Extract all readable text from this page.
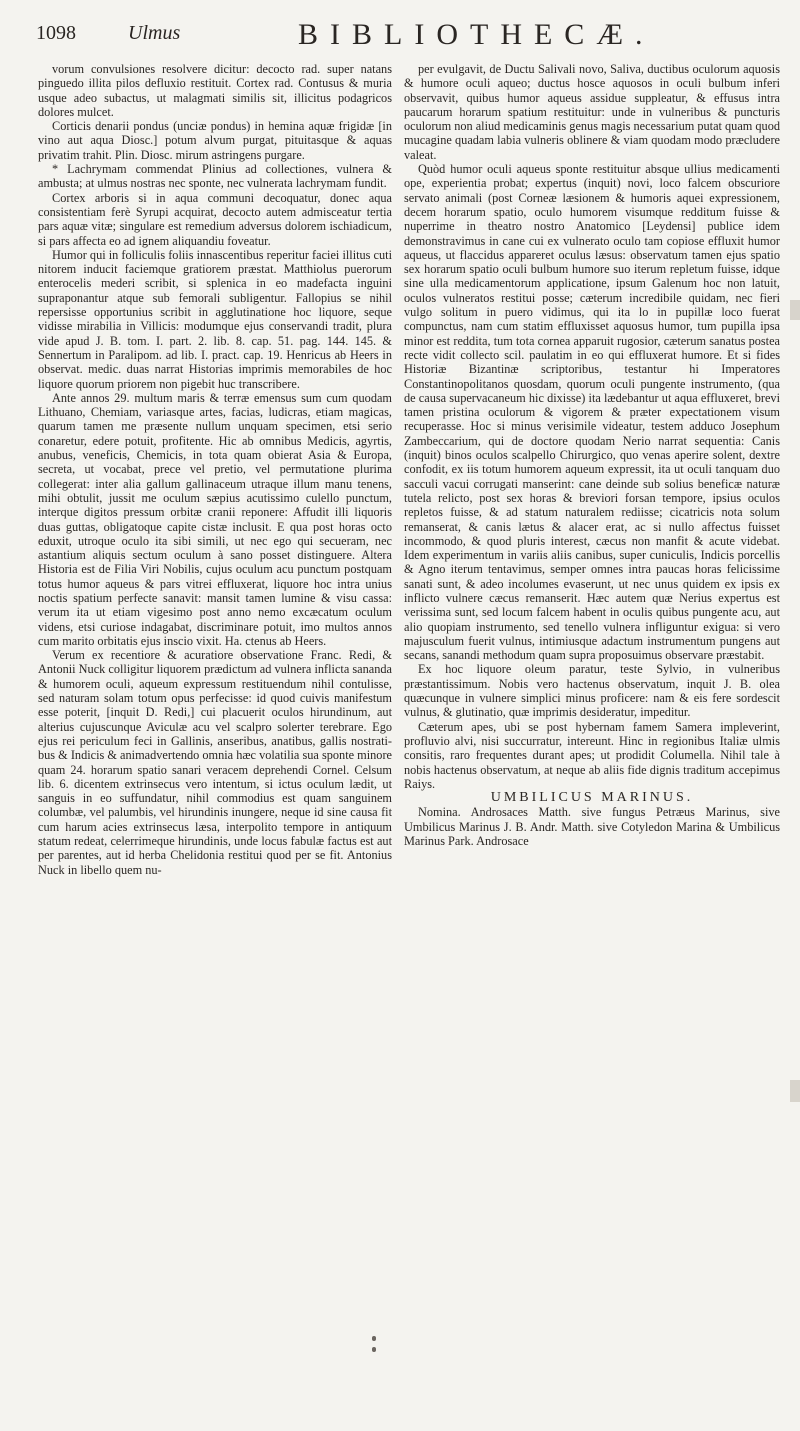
1098	Ulmus	BIBLIOTHECÆ.

vorum convulsiones resolvere dicitur: decocto rad. super natans pinguedo illita pilos defluxio restituit. Cortex rad. Contusus & muria usque adeo subactus, ut malagmati similis sit, illicitus podagricos dolores mulcet.

Corticis denarii pondus (unciæ pondus) in hemina aquæ frigidæ [in vino aut aqua Diosc.] potum alvum purgat, pituitasque & aquas privatim trahit. Plin. Diosc. mirum astringens purgare.

* Lachrymam commendat Plinius ad collectiones, vulnera & ambusta; at ulmus nostras nec sponte, nec vulnerata lachrymam fundit.

Cortex arboris si in aqua communi decoquatur, donec aqua consistentiam ferè Syrupi acquirat, decocto autem admisceatur tertia pars aquæ vitæ; singulare est remedium adversus dolorem ischiadicum, si pars affecta eo ad ignem aliquandiu foveatur.

Humor qui in folliculis foliis innascentibus reperitur faciei illitus cuti nitorem inducit faciemque gratiorem præstat. Matthiolus puerorum enterocelis mederi scribit, si splenica in eo madefacta inguini supraponantur atque sub femorali subligentur. Fallopius se nihil repersisse opportunius scribit in agglutinatione hoc liquore, seque vidisse mirabilia in Villicis: modumque ejus conservandi tradit, plura vide apud J. B. tom. I. part. 2. lib. 8. cap. 51. pag. 144. 145. & Sennertum in Paralipom. ad lib. I. pract. cap. 19. Henricus ab Heers in observat. medic. duas narrat Historias imprimis memorabiles de hoc liquore quorum priorem non pigebit huc transcribere.

Ante annos 29. multum maris & terræ emensus sum cum quodam Lithuano, Chemiam, variasque artes, facias, ludicras, etiam magicas, quarum tamen me præsente nullum unquam specimen, etsi serio conaretur, edere potuit, profitente. Hic ab omnibus Medicis, agyrtis, anubus, veneficis, Chemicis, in tota quam obierat Asia & Europa, secreta, ut vocabat, prece vel pretio, vel permutatione plurima collegerat: inter alia gallum gallinaceum utraque illum manu tenens, mihi obtulit, jussit me oculum sæpius acutissimo culello punctum, interque digitos pressum orbitæ cranii reponere: Affudit illi liquoris duas guttas, obligatoque capite cistæ inclusit. E qua post horas octo eduxit, utroque oculo ita sibi simili, ut nec ego qui secueram, nec astantium aliquis sectum oculum à sano posset distinguere. Altera Historia est de Filia Viri Nobilis, cujus oculum acu punctum postquam totus humor aqueus & pars vitrei effluxerat, liquore hoc intra unius noctis spatium perfecte sanavit: mansit tamen lumine & visu cassa: verum ita ut etiam vigesimo post anno nemo excæcatum oculum videns, etsi curiose indagabat, discriminare potuit, imo multos annos cum marito orbitatis ejus inscio vixit. Ha. ctenus ab Heers.

Verum ex recentiore & acuratiore observatione Franc. Redi, & Antonii Nuck colligitur liquorem prædictum ad vulnera inflicta sananda & humorem oculi, aqueum expressum restituendum nihil contulisse, sed naturam solam totum opus perfecisse: id quod cuivis manifestum esse poterit, [inquit D. Redi,] cui placuerit oculos hirundinum, aut alterius cujuscunque Aviculæ acu vel scalpro solerter terebrare. Ego ejus rei periculum feci in Gallinis, anseribus, anatibus, gallis nostrati-bus & Indicis & animadvertendo omnia hæc volatilia sua sponte minore quam 24. horarum spatio sanari veracem deprehendi Cornel. Celsum lib. 6. dicentem extrinsecus vero intentum, si ictus oculum lædit, ut sanguis in eo suffundatur, nihil commodius est quam sanguinem columbæ, vel palumbis, vel hirundinis inungere, neque id sine causa fit cum harum acies extrinsecus læsa, interpolito tempore in antiquum statum redeat, celerrimeque hirundinis, unde locus fabulæ factus est aut per parentes, aut id herba Chelidonia restitui quod per se fit. Antonius Nuck in libello quem nu-

per evulgavit, de Ductu Salivali novo, Saliva, ductibus oculorum aquosis & humore oculi aqueo; ductus hosce aquosos in oculi bulbum inferi observavit, quibus humor aqueus assidue suppleatur, & effusus intra paucarum horarum spatium restituitur: unde in vulneribus & puncturis oculorum non aliud medicaminis genus magis necessarium putat quam quod mucagine quadam labia vulneris oblinere & viam quodam modo præcludere valeat.

Quòd humor oculi aqueus sponte restituitur absque ullius medicamenti ope, experientia probat; expertus (inquit) novi, loco falcem obscuriore servato animali (post Corneæ læsionem & humoris aquei expressionem, decem horarum spatio, oculo humorem visumque redditum fuisse & nuperrime in theatro nostro Anatomico [Leydensi] publice idem demonstravimus in cane cui ex vulnerato oculo tam copiose effluxit humor aqueus, ut flaccidus appareret oculus læsus: observatum tamen ejus spatio sex horarum spatio oculi bulbum humore suo iterum repletum fuisse, idque sine ulla medicamentorum applicatione, ipsum Galenum hoc non latuit, oculos vulneratos restitui posse; cæterum incredibile quidam, nec fieri vulgo solitum in puero vidimus, qui ita lo in pupillæ loco fuerat compunctus, nam cum statim effluxisset aquosus humor, tum pupilla ipsa minor est reddita, tum tota cornea apparuit rugosior, cæterum sanatus postea recte vidit collecto scil. paulatim in eo qui effluxerat humore. Et si fides Historiæ Bizantinæ scriptoribus, testantur hi Imperatores Constantinopolitanos quosdam, quorum oculi pungente instrumento, (qua de causa supervacaneum hic dixisse) ita lædebantur ut aqua effluxeret, brevi tamen pristina oculorum & vigorem & præter expectationem visum recuperasse. Hoc si minus verisimile videatur, testem adduco Josephum Zambeccarium, qui de doctore quodam Nerio narrat sequentia: Canis (inquit) binos oculos scalpello Chirurgico, quo venas aperire solent, dextre confodit, ex iis totum humorem aqueum expressit, ita ut oculi tanquam duo sacculi vacui corrugati manserint: cane deinde sub solius beneficæ naturæ tutela relicto, post sex horas & breviori forsan tempore, ipsius oculos repletos fuisse, & ad statum naturalem rediisse; cicatricis nota solum remanserat, & canis lætus & alacer erat, ac si nullo affectus fuisset incommodo, & quod pluris interest, cæcus non manfit & acute videbat. Idem experimentum in variis aliis canibus, super cuniculis, Indicis porcellis & Agno iterum tentavimus, semper omnes intra paucas horas felicissime sanati sunt, & adeo incolumes evaserunt, ut nec unus quidem ex ipsis ex inflicto vulnere cæcus remanserit. Hæc autem quæ Nerius expertus est verissima sunt, sed locum falcem habent in oculis quibus pungente acu, aut alio quopiam instrumento, sed tenello vulnera infliguntur exigua: si vero majusculum fuerit vulnus, intimiusque adactum instrumentum pungens aut secans, sanandi methodum quam supra proposuimus observare præstabit.

Ex hoc liquore oleum paratur, teste Sylvio, in vulneribus præstantissimum. Nobis vero hactenus observatum, inquit J. B. olea quæcunque in vulnere simplici minus proficere: nam & eis fere sordescit vulnus, & glutinatio, quæ imprimis desideratur, impeditur.

Cæterum apes, ubi se post hybernam famem Samera impleverint, profluvio alvi, nisi succurratur, intereunt. Hinc in regionibus Italiæ ulmis consitis, raro frequentes durant apes; ut prodidit Columella. Nihil tale à nobis hactenus observatum, at neque ab aliis fide dignis traditum accepimus Raiys.

UMBILICUS MARINUS.

Nomina. Androsaces Matth. sive fungus Petræus Marinus, sive Umbilicus Marinus J. B. Andr. Matth. sive Cotyledon Marina & Umbilicus Marinus Park. Androsace
